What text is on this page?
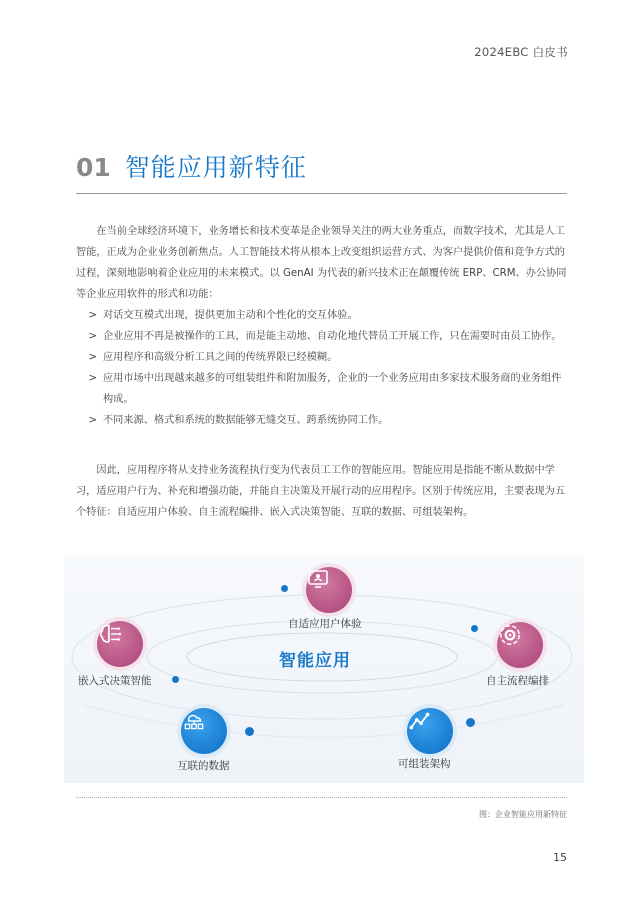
2024EBC 白皮书
01 智能应用新特征

在当前全球经济环境下，业务增长和技术变革是企业领导关注的两大业务重点，而数字技术，尤其是人工智能，正成为企业业务创新焦点。人工智能技术将从根本上改变组织运营方式、为客户提供价值和竞争方式的过程，深刻地影响着企业应用的未来模式。以 GenAI 为代表的新兴技术正在颠覆传统 ERP、CRM、办公协同等企业应用软件的形式和功能：

> 对话交互模式出现，提供更加主动和个性化的交互体验。
> 企业应用不再是被操作的工具，而是能主动地、自动化地代替员工开展工作，只在需要时由员工协作。
> 应用程序和高级分析工具之间的传统界限已经模糊。
> 应用市场中出现越来越多的可组装组件和附加服务，企业的一个业务应用由多家技术服务商的业务组件构成。
> 不同来源、格式和系统的数据能够无缝交互、跨系统协同工作。

因此，应用程序将从支持业务流程执行变为代表员工工作的智能应用。智能应用是指能不断从数据中学习，适应用户行为、补充和增强功能，并能自主决策及开展行动的应用程序。区别于传统应用，主要表现为五个特征：自适应用户体验、自主流程编排、嵌入式决策智能、互联的数据、可组装架构。

智能应用
自适应用户体验
自主流程编排
嵌入式决策智能
互联的数据	可组装架构
图：企业智能应用新特征
15
